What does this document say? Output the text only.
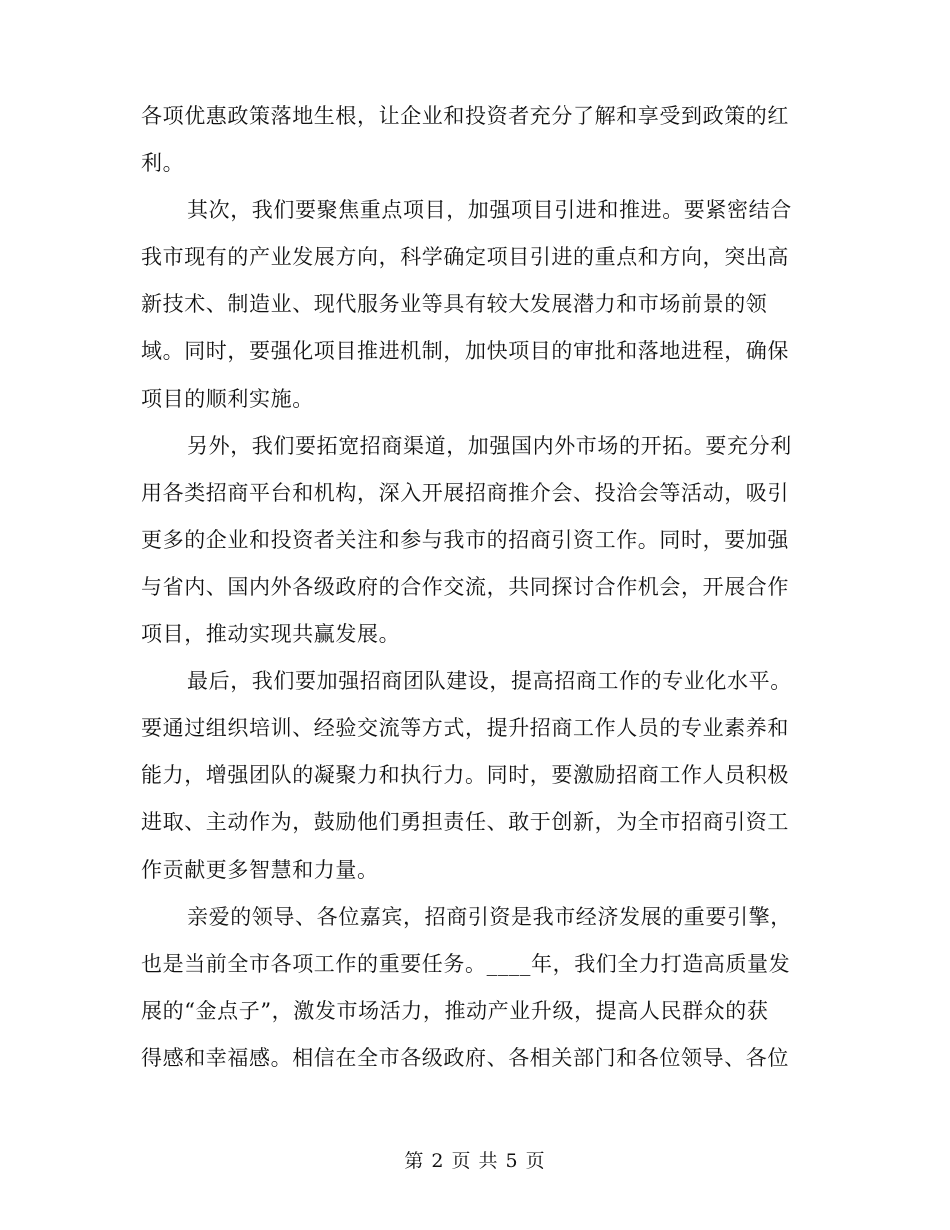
各项优惠政策落地生根，让企业和投资者充分了解和享受到政策的红
利。
其次，我们要聚焦重点项目，加强项目引进和推进。要紧密结合
我市现有的产业发展方向，科学确定项目引进的重点和方向，突出高
新技术、制造业、现代服务业等具有较大发展潜力和市场前景的领
域。同时，要强化项目推进机制，加快项目的审批和落地进程，确保
项目的顺利实施。
另外，我们要拓宽招商渠道，加强国内外市场的开拓。要充分利
用各类招商平台和机构，深入开展招商推介会、投洽会等活动，吸引
更多的企业和投资者关注和参与我市的招商引资工作。同时，要加强
与省内、国内外各级政府的合作交流，共同探讨合作机会，开展合作
项目，推动实现共赢发展。
最后，我们要加强招商团队建设，提高招商工作的专业化水平。
要通过组织培训、经验交流等方式，提升招商工作人员的专业素养和
能力，增强团队的凝聚力和执行力。同时，要激励招商工作人员积极
进取、主动作为，鼓励他们勇担责任、敢于创新，为全市招商引资工
作贡献更多智慧和力量。
亲爱的领导、各位嘉宾，招商引资是我市经济发展的重要引擎，
也是当前全市各项工作的重要任务。____年，我们全力打造高质量发
展的“金点子”，激发市场活力，推动产业升级，提高人民群众的获
得感和幸福感。相信在全市各级政府、各相关部门和各位领导、各位
第 2 页 共 5 页
